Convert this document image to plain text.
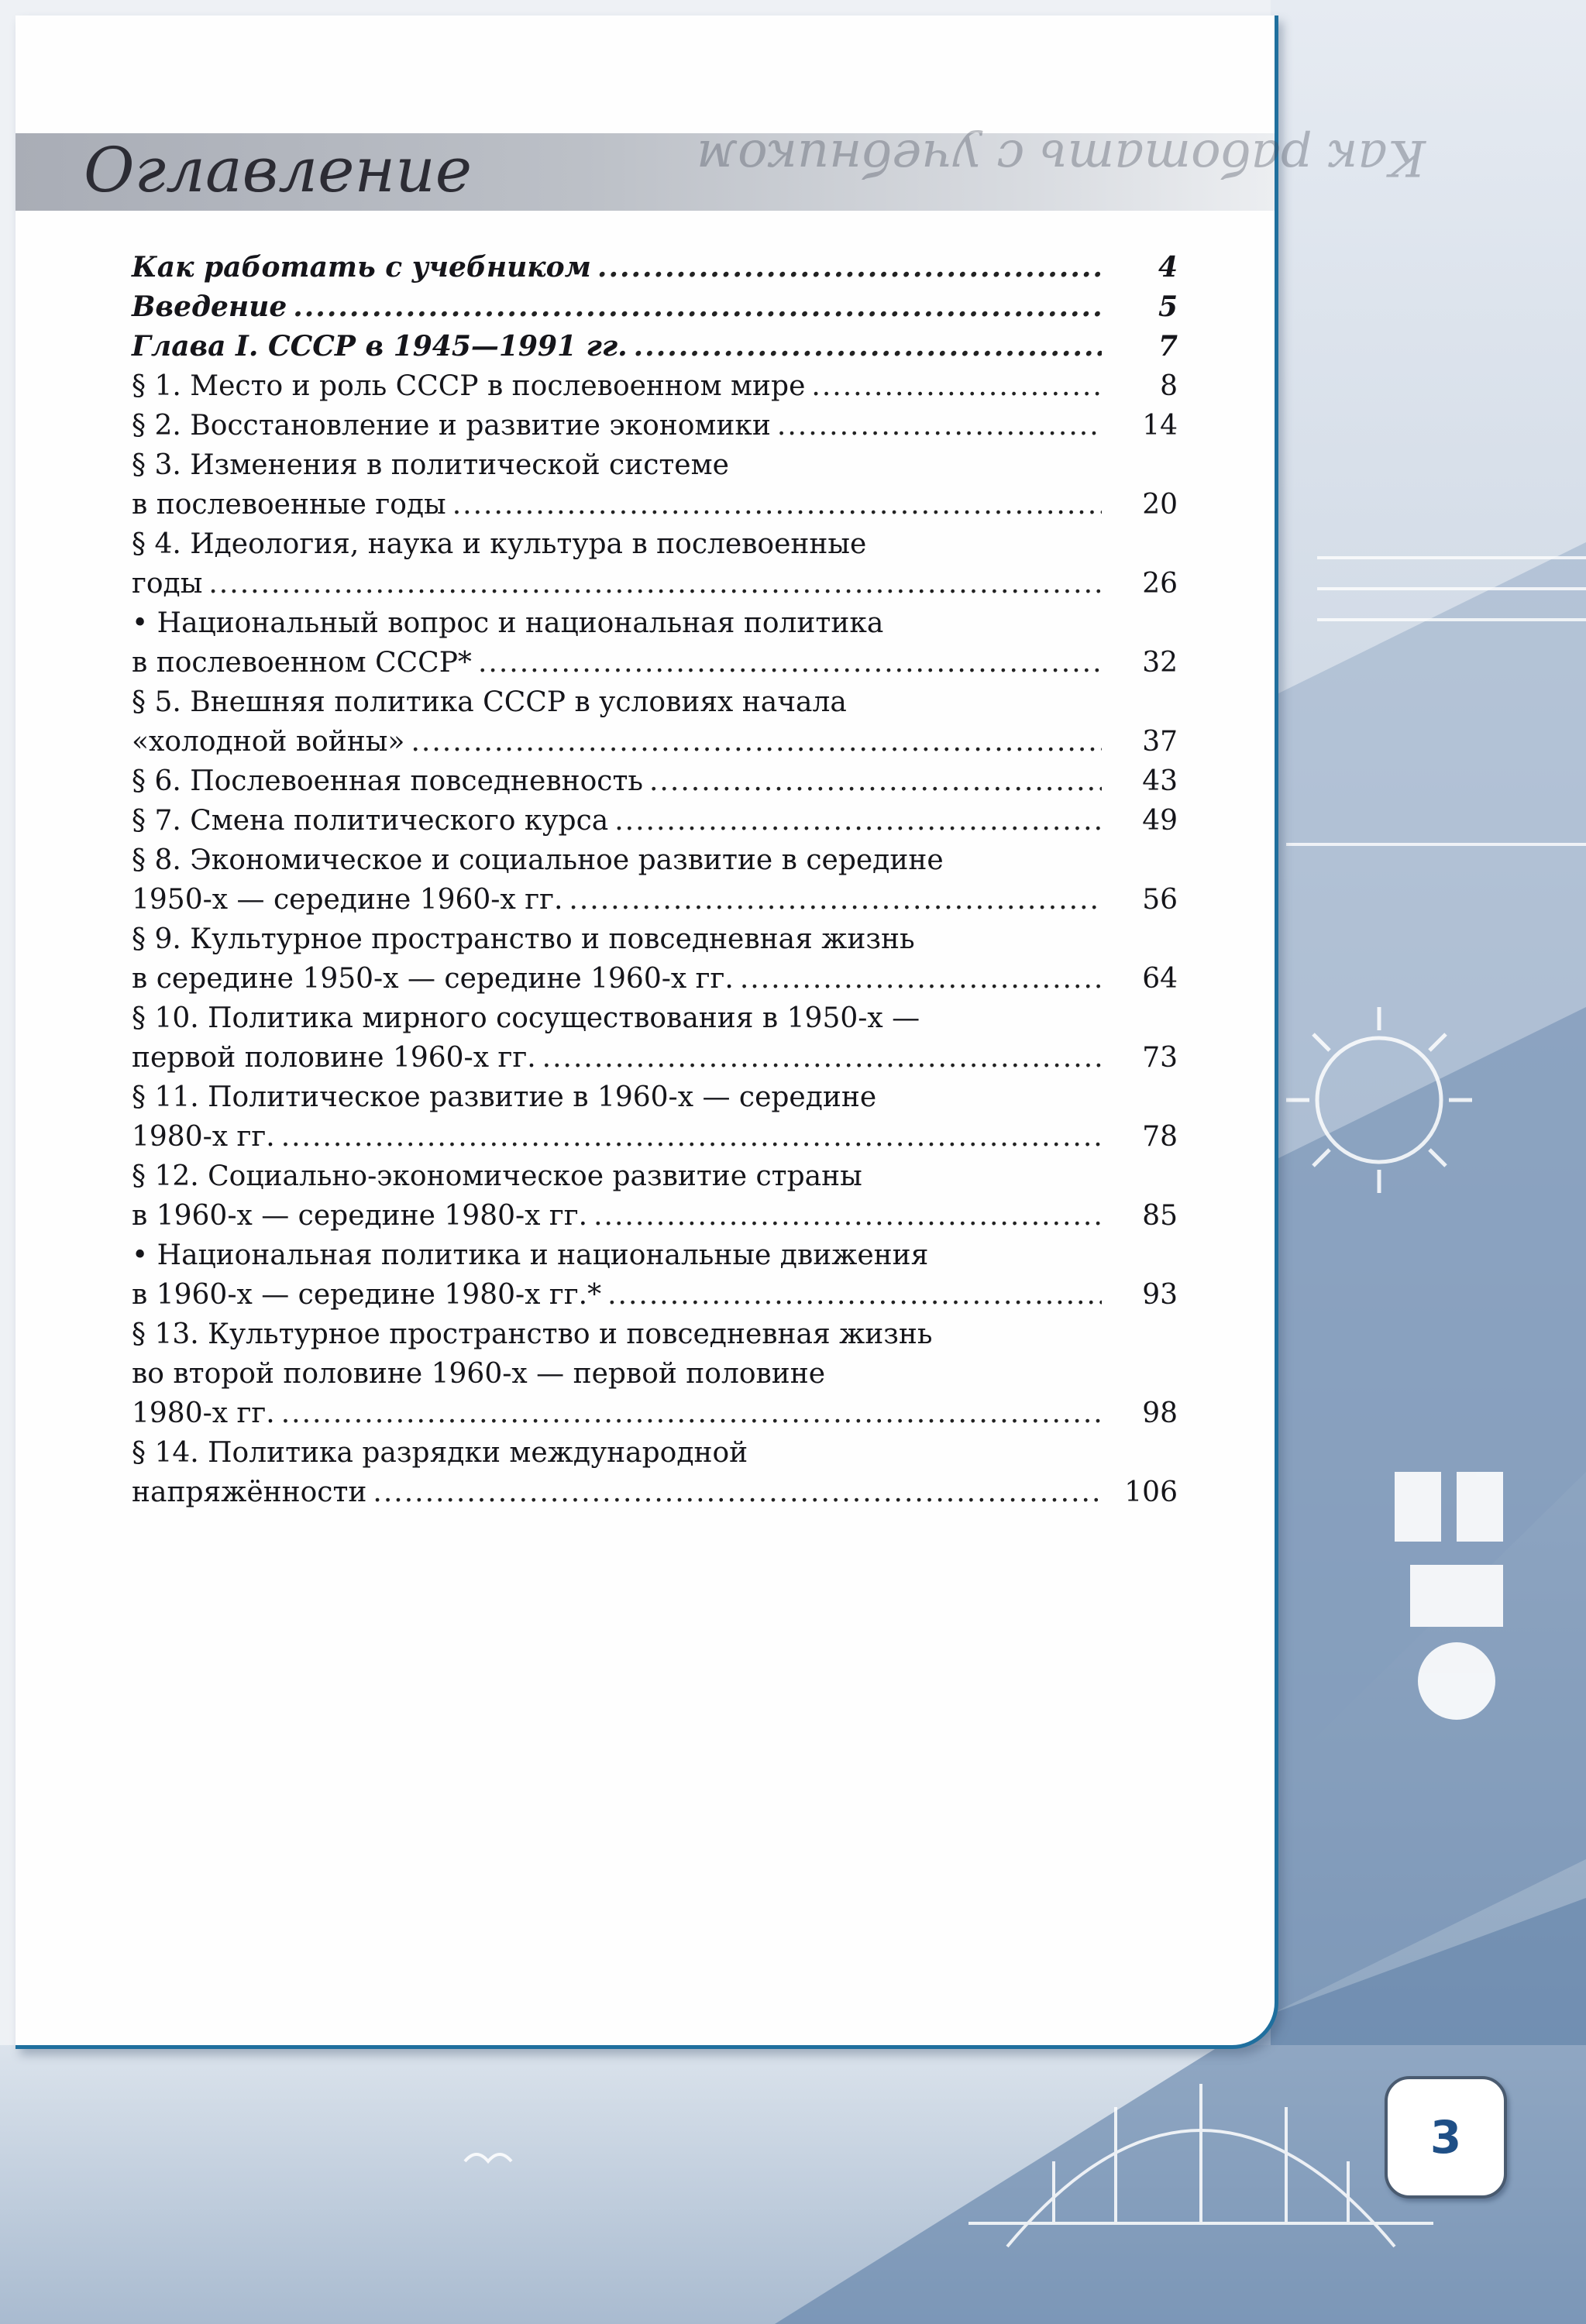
Как работать с учебником
Оглавление
Как работать с учебником .....	4
Введение .....	5
Глава I. СССР в 1945—1991 гг. .....	7
§ 1. Место и роль СССР в послевоенном мире .....	8
§ 2. Восстановление и развитие экономики .....	14
§ 3. Изменения в политической системе
в послевоенные годы .....	20
§ 4. Идеология, наука и культура в послевоенные
годы .....	26
• Национальный вопрос и национальная политика
в послевоенном СССР* .....	32
§ 5. Внешняя политика СССР в условиях начала
«холодной войны» .....	37
§ 6. Послевоенная повседневность .....	43
§ 7. Смена политического курса .....	49
§ 8. Экономическое и социальное развитие в середине
1950-х — середине 1960-х гг. .....	56
§ 9. Культурное пространство и повседневная жизнь
в середине 1950-х — середине 1960-х гг. .....	64
§ 10. Политика мирного сосуществования в 1950-х —
первой половине 1960-х гг. .....	73
§ 11. Политическое развитие в 1960-х — середине
1980-х гг. .....	78
§ 12. Социально-экономическое развитие страны
в 1960-х — середине 1980-х гг. .....	85
• Национальная политика и национальные движения
в 1960-х — середине 1980-х гг.* .....	93
§ 13. Культурное пространство и повседневная жизнь
во второй половине 1960-х — первой половине
1980-х гг. .....	98
§ 14. Политика разрядки международной
напряжённости .....	106
3
